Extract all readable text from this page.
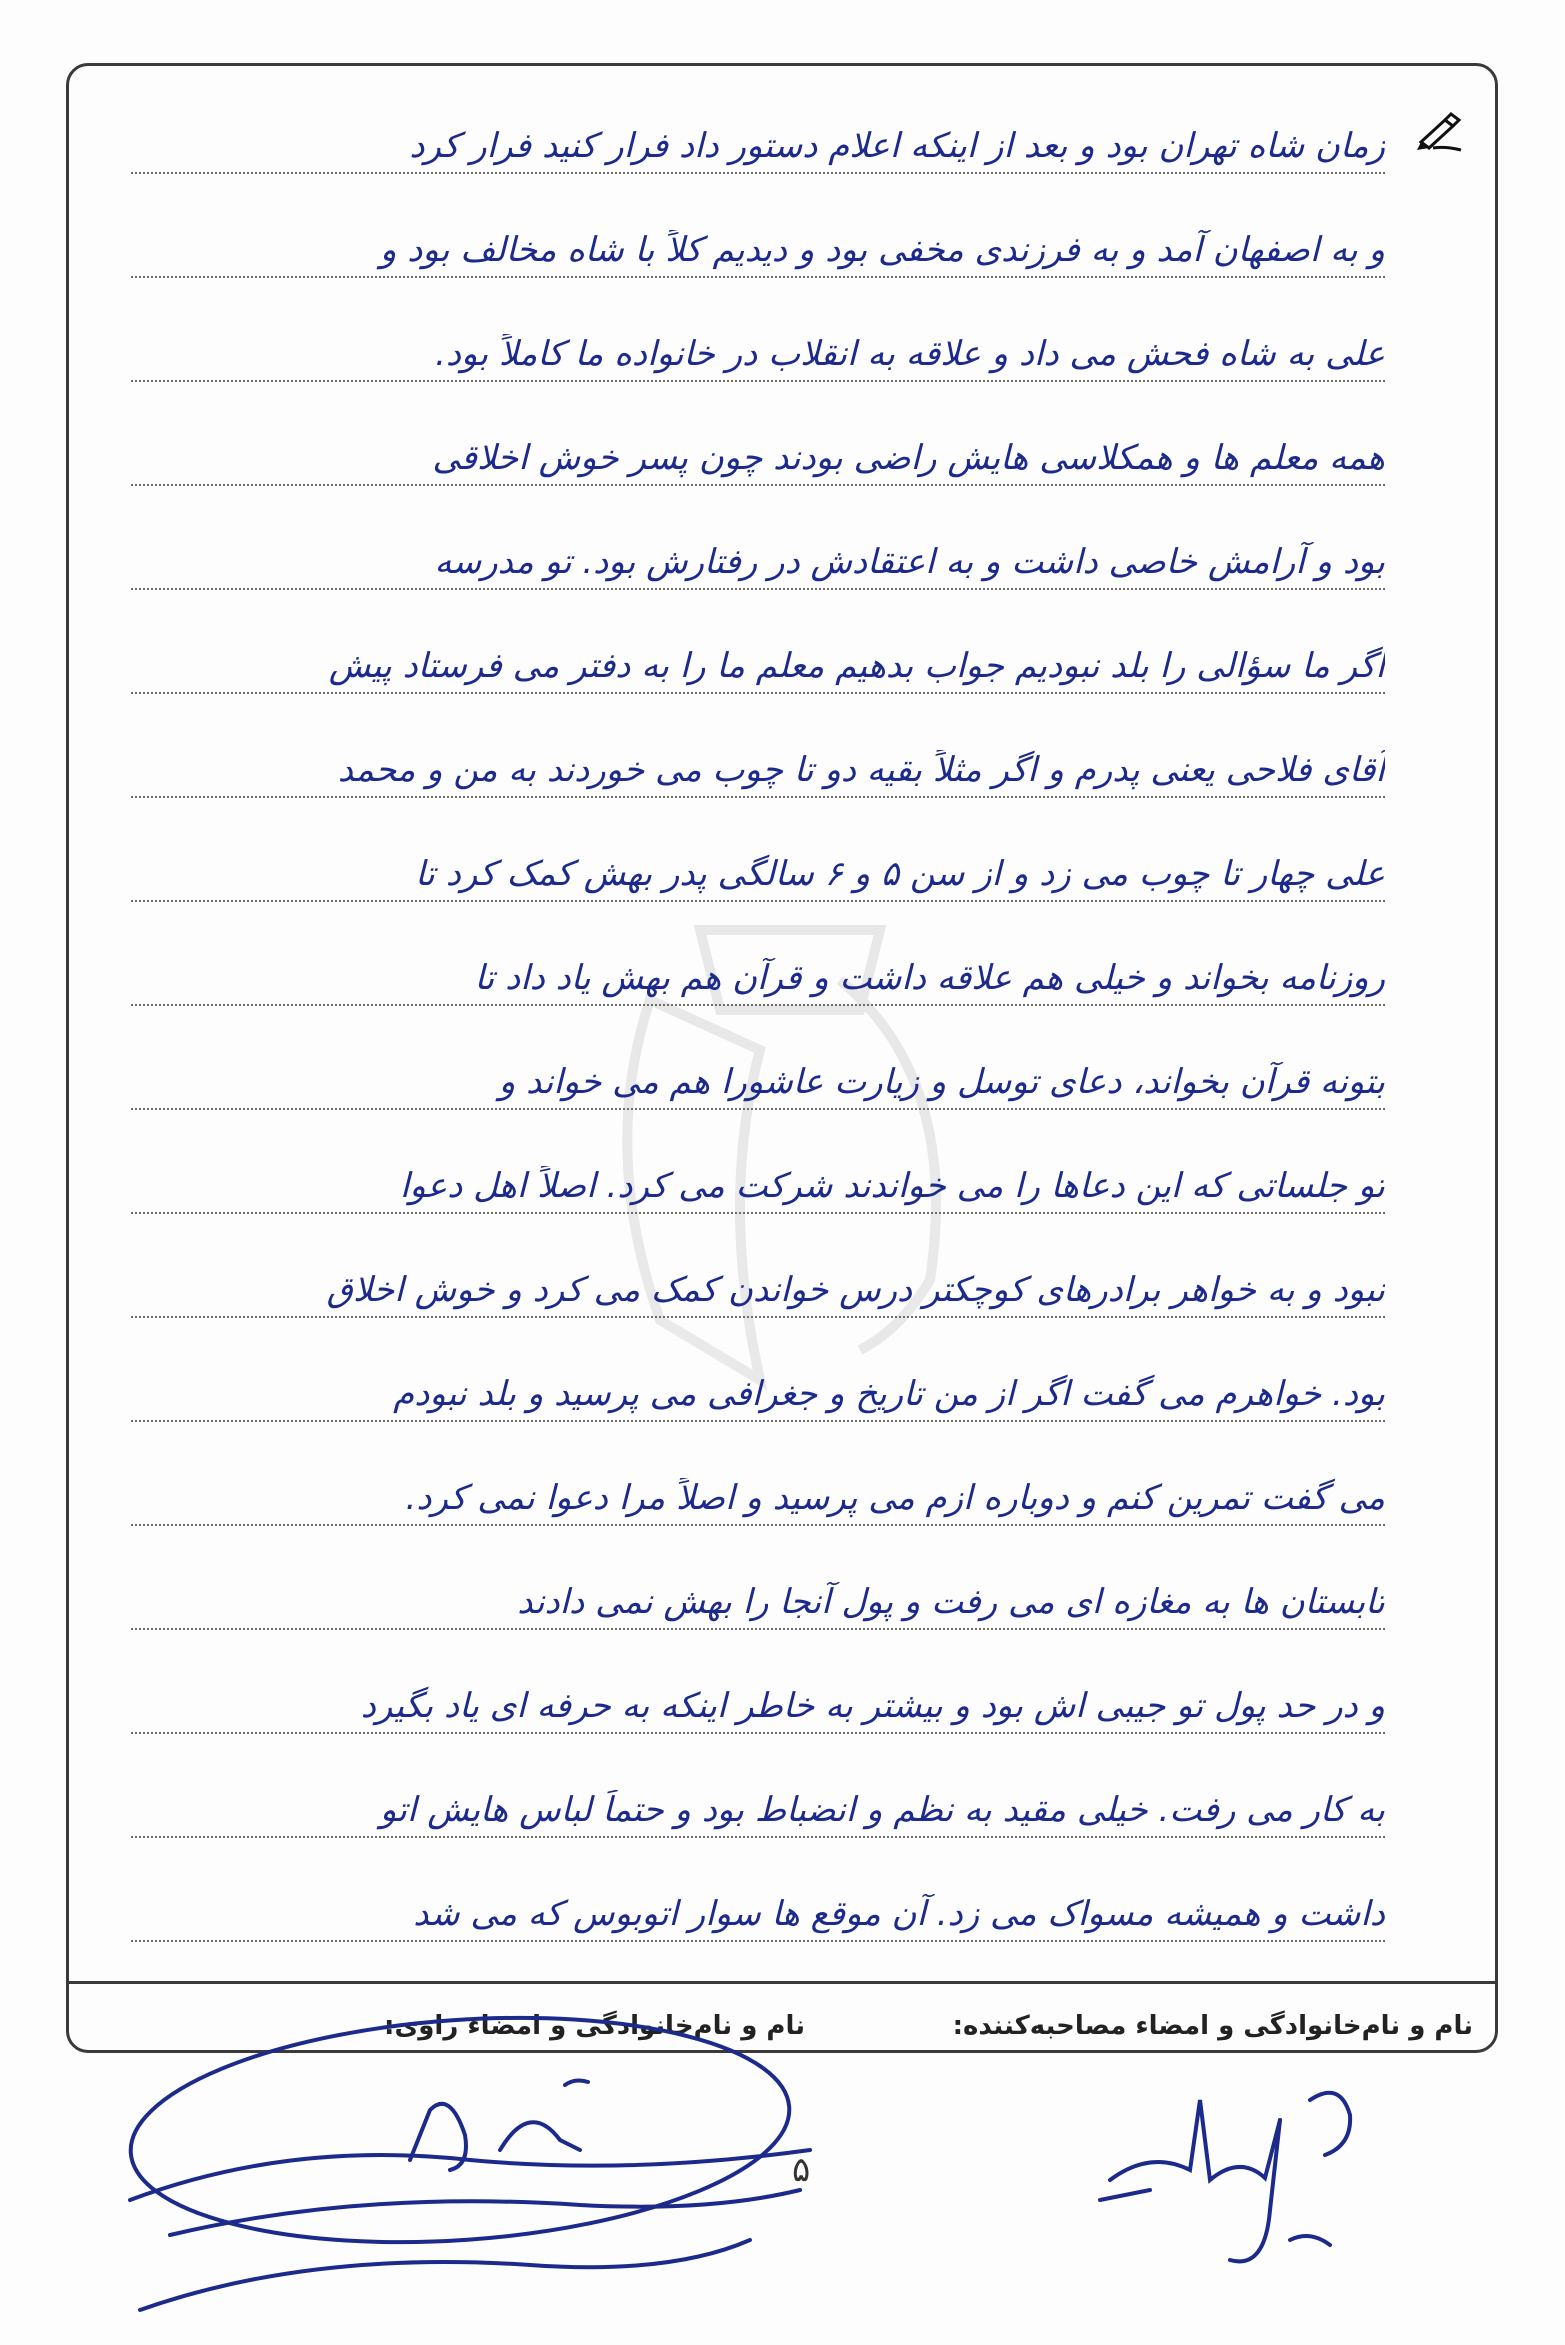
زمان شاه تهران بود و بعد از اینکه اعلام دستور داد فرار کنید فرار کرد
و به اصفهان آمد و به فرزندی مخفی بود و دیدیم کلاً با شاه مخالف بود و
علی به شاه فحش می داد و علاقه به انقلاب در خانواده ما کاملاً بود.
همه معلم ها و همکلاسی هایش راضی بودند چون پسر خوش اخلاقی
بود و آرامش خاصی داشت و به اعتقادش در رفتارش بود. تو مدرسه
اگر ما سؤالی را بلد نبودیم جواب بدهیم معلم ما را به دفتر می فرستاد پیش
آقای فلاحی یعنی پدرم و اگر مثلاً بقیه دو تا چوب می خوردند به من و محمد
علی چهار تا چوب می زد و از سن ۵ و ۶ سالگی پدر بهش کمک کرد تا
روزنامه بخواند و خیلی هم علاقه داشت و قرآن هم بهش یاد داد تا
بتونه قرآن بخواند، دعای توسل و زیارت عاشورا هم می خواند و
تو جلساتی که این دعاها را می خواندند شرکت می کرد. اصلاً اهل دعوا
نبود و به خواهر برادرهای کوچکتر درس خواندن کمک می کرد و خوش اخلاق
بود. خواهرم می گفت اگر از من تاریخ و جغرافی می پرسید و بلد نبودم
می گفت تمرین کنم و دوباره ازم می پرسید و اصلاً مرا دعوا نمی کرد.
تابستان ها به مغازه ای می رفت و پول آنجا را بهش نمی دادند
و در حد پول تو جیبی اش بود و بیشتر به خاطر اینکه به حرفه ای یاد بگیرد
به کار می رفت. خیلی مقید به نظم و انضباط بود و حتماً لباس هایش اتو
داشت و همیشه مسواک می زد. آن موقع ها سوار اتوبوس که می شد
نام و نام‌خانوادگی و امضاء مصاحبه‌کننده:
نام و نام‌خانوادگی و امضاء راوی:
۵
